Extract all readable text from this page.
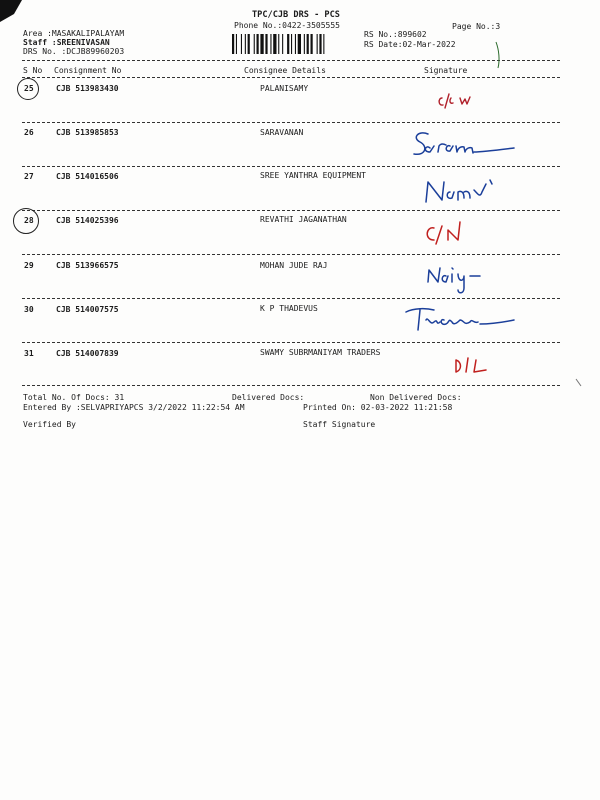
TPC/CJB DRS - PCS
Phone No.:0422-3505555	Page No.:3
Area :MASAKALIPALAYAM
Staff :SREENIVASAN
DRS No. :DCJB89960203
RS No.:899602
RS Date:02-Mar-2022
S No Consignment No	Consignee Details	Signature
25	CJB 513983430	PALANISAMY
26	CJB 513985853	SARAVANAN
27	CJB 514016506	SREE YANTHRA EQUIPMENT
28	CJB 514025396	REVATHI JAGANATHAN
29	CJB 513966575	MOHAN JUDE RAJ
30	CJB 514007575	K P THADEVUS
31	CJB 514007839	SWAMY SUBRMANIYAM TRADERS
Total No. Of Docs: 31	Delivered Docs:	Non Delivered Docs:
Entered By :SELVAPRIYAPCS 3/2/2022 11:22:54 AM	Printed On: 02-03-2022 11:21:58
Verified By	Staff Signature
